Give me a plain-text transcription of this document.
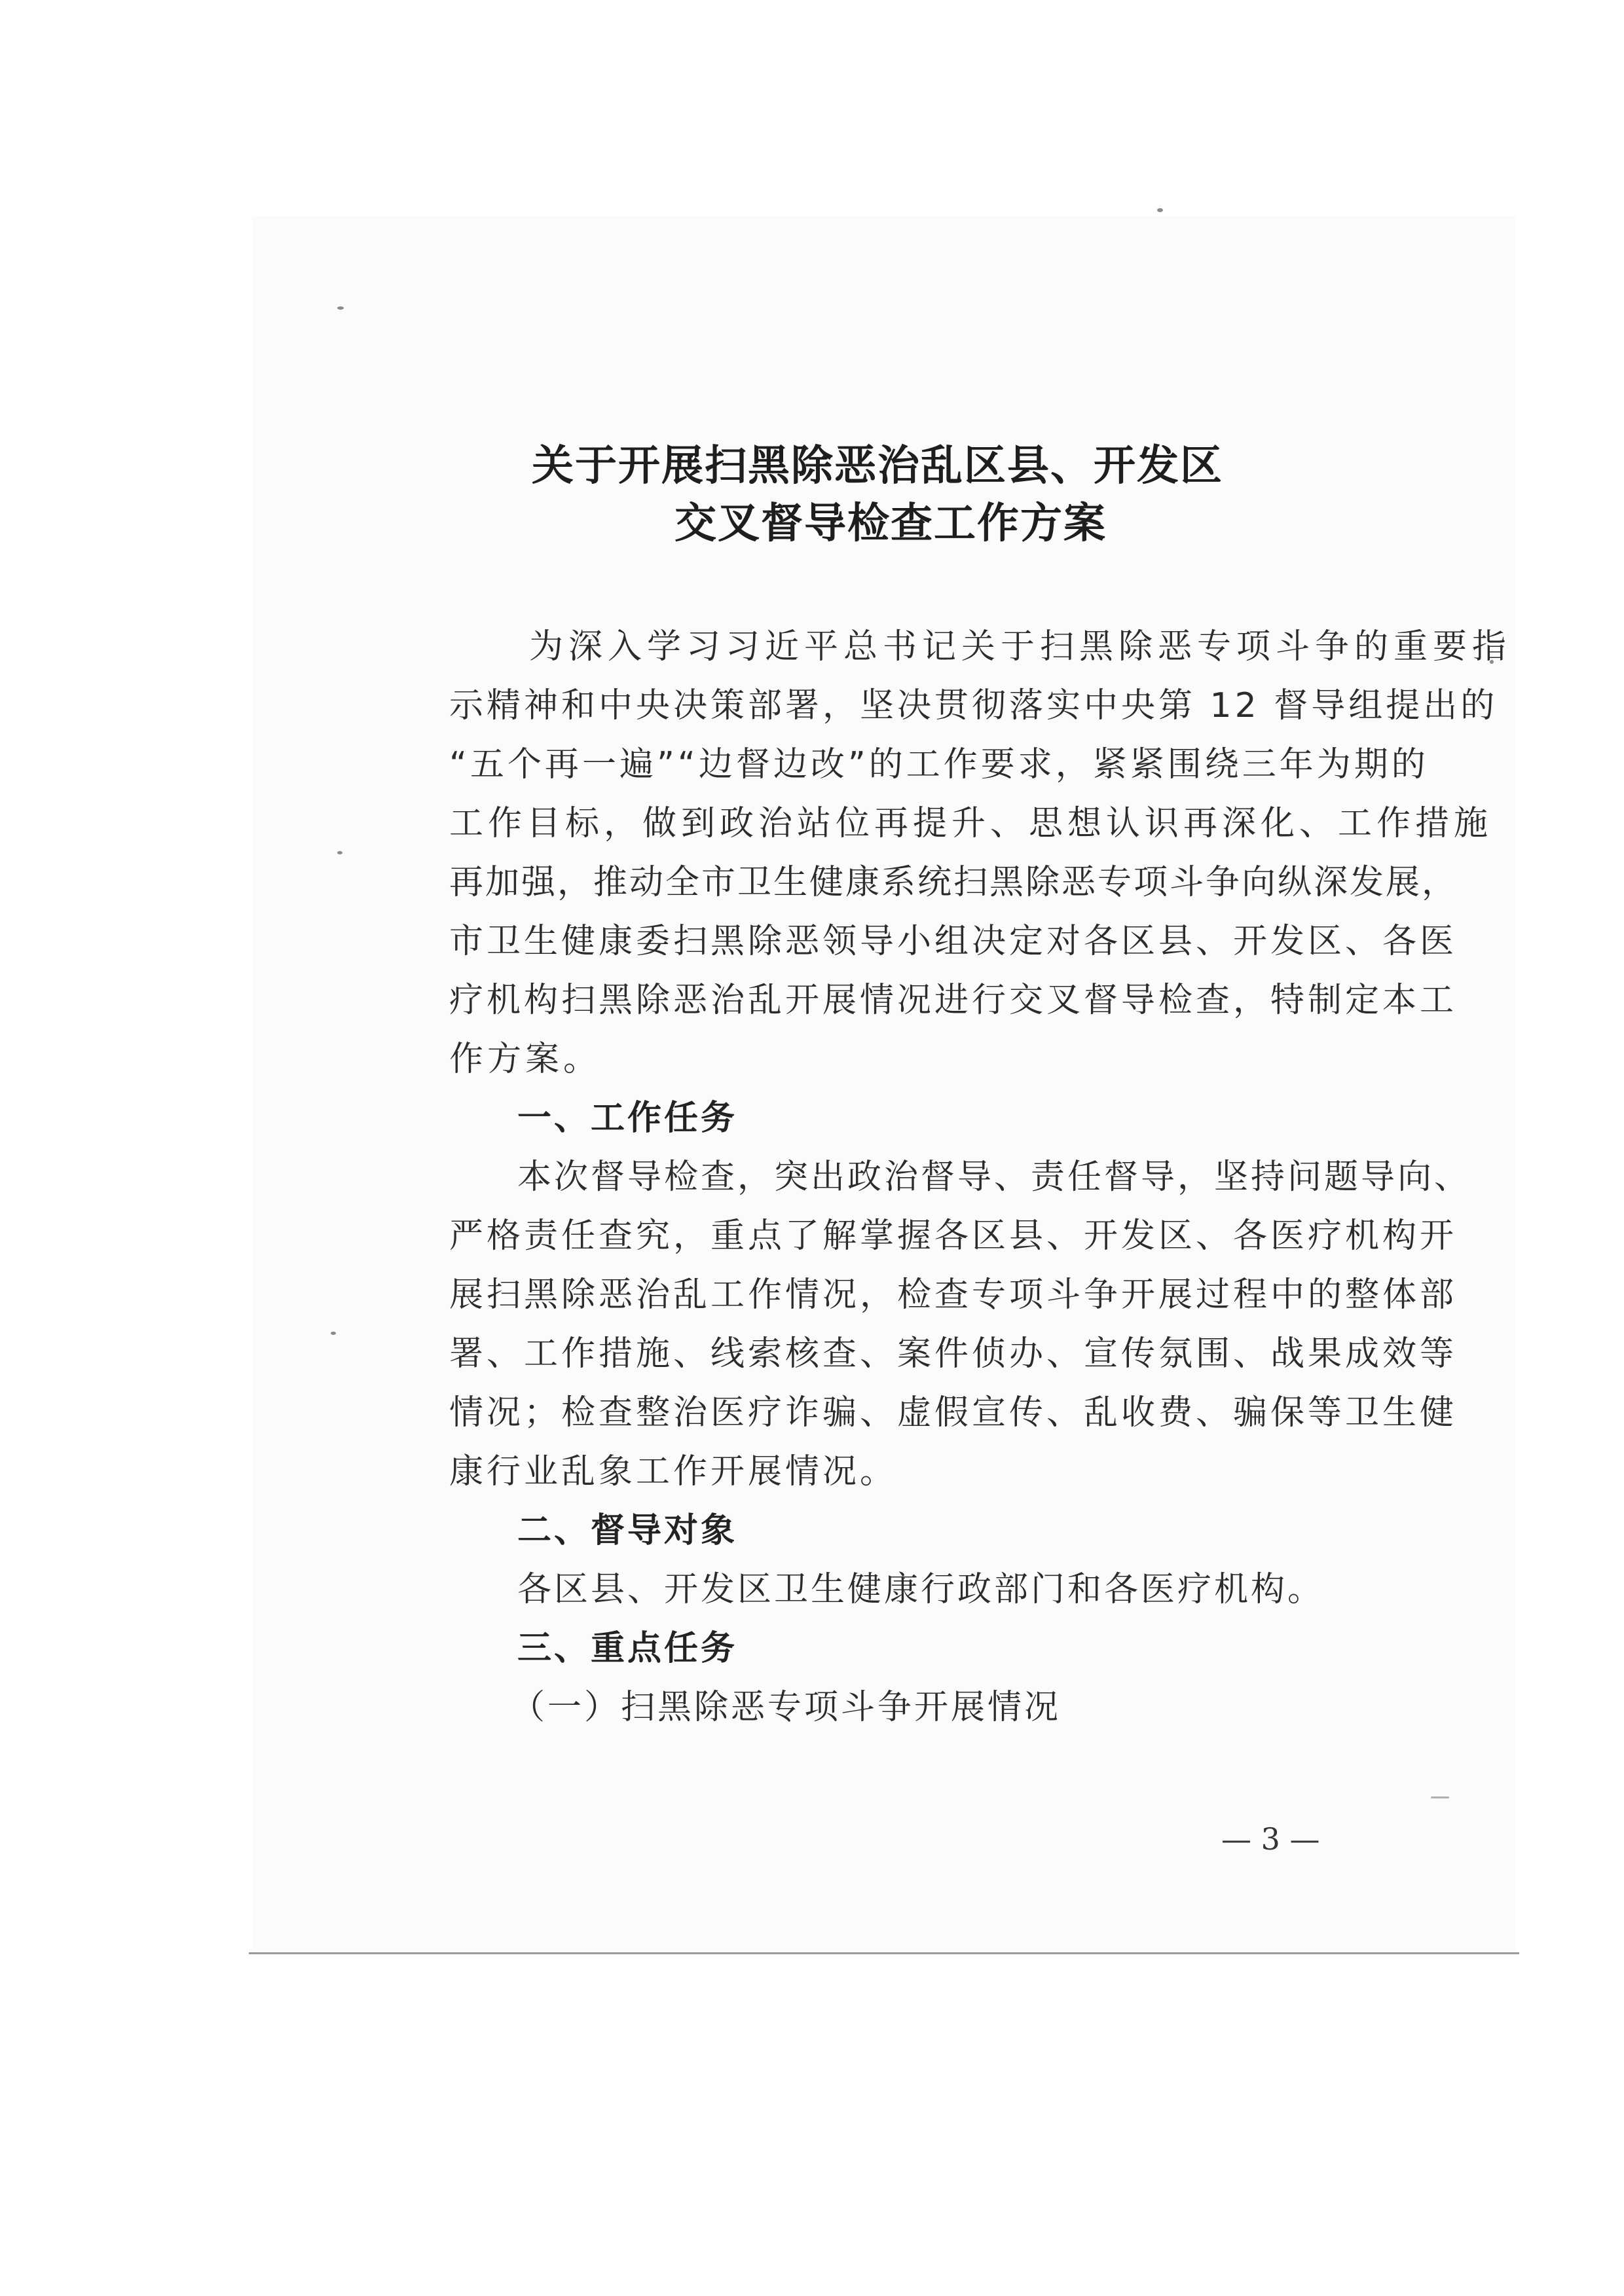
关于开展扫黑除恶治乱区县、开发区
交叉督导检查工作方案
为深入学习习近平总书记关于扫黑除恶专项斗争的重要指
示精神和中央决策部署，坚决贯彻落实中央第 12 督导组提出的
“五个再一遍”“边督边改”的工作要求，紧紧围绕三年为期的
工作目标，做到政治站位再提升、思想认识再深化、工作措施
再加强，推动全市卫生健康系统扫黑除恶专项斗争向纵深发展，
市卫生健康委扫黑除恶领导小组决定对各区县、开发区、各医
疗机构扫黑除恶治乱开展情况进行交叉督导检查，特制定本工
作方案。
一、工作任务
本次督导检查，突出政治督导、责任督导，坚持问题导向、
严格责任查究，重点了解掌握各区县、开发区、各医疗机构开
展扫黑除恶治乱工作情况，检查专项斗争开展过程中的整体部
署、工作措施、线索核查、案件侦办、宣传氛围、战果成效等
情况；检查整治医疗诈骗、虚假宣传、乱收费、骗保等卫生健
康行业乱象工作开展情况。
二、督导对象
各区县、开发区卫生健康行政部门和各医疗机构。
三、重点任务
（一）扫黑除恶专项斗争开展情况
— 3 —
